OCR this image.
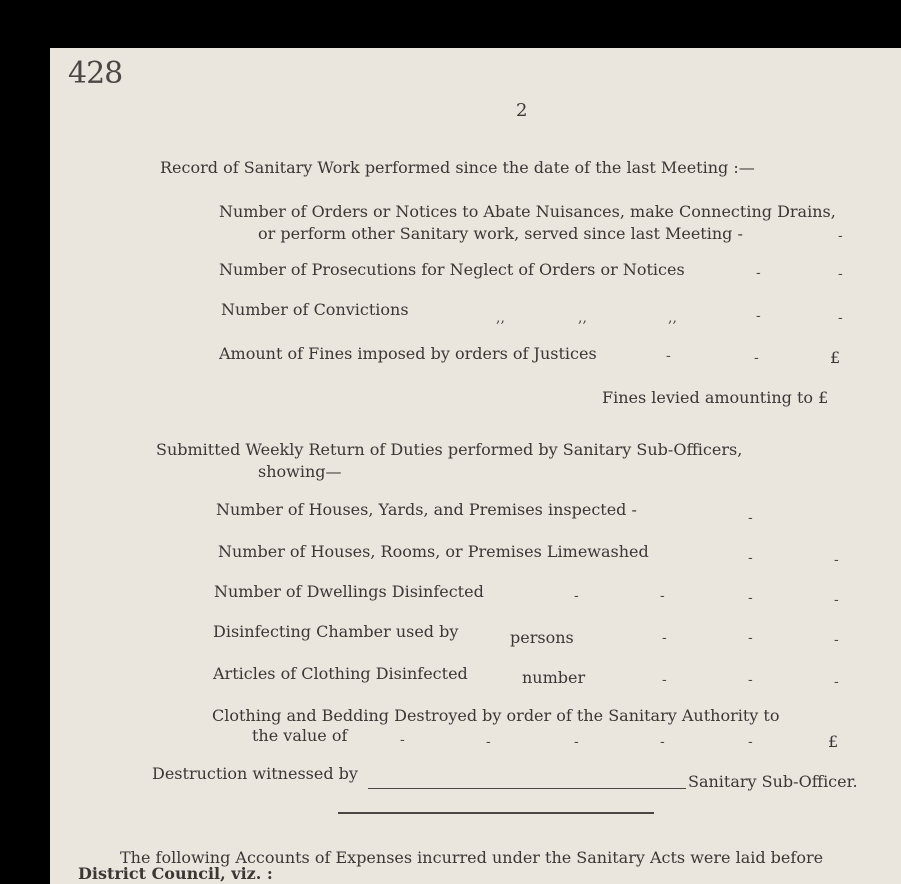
428
2
Record of Sanitary Work performed since the date of the last Meeting :—
Number of Orders or Notices to Abate Nuisances, make Connecting Drains,
or perform other Sanitary work, served since last Meeting -	-
Number of Prosecutions for Neglect of Orders or Notices	-	-
Number of Convictions	,,	,,	,,	-	-
Amount of Fines imposed by orders of Justices	-	-	£
Fines levied amounting to £
Submitted Weekly Return of Duties performed by Sanitary Sub-Officers,
showing—
Number of Houses, Yards, and Premises inspected -	-
Number of Houses, Rooms, or Premises Limewashed	-	-
Number of Dwellings Disinfected	-	-	-	-
Disinfecting Chamber used by	persons	-	-	-
Articles of Clothing Disinfected	number	-	-	-
Clothing and Bedding Destroyed by order of the Sanitary Authority to
the value of	-	-	-	-	-	£
Destruction witnessed by	Sanitary Sub-Officer.
The following Accounts of Expenses incurred under the Sanitary Acts were laid before
District Council, viz. :
